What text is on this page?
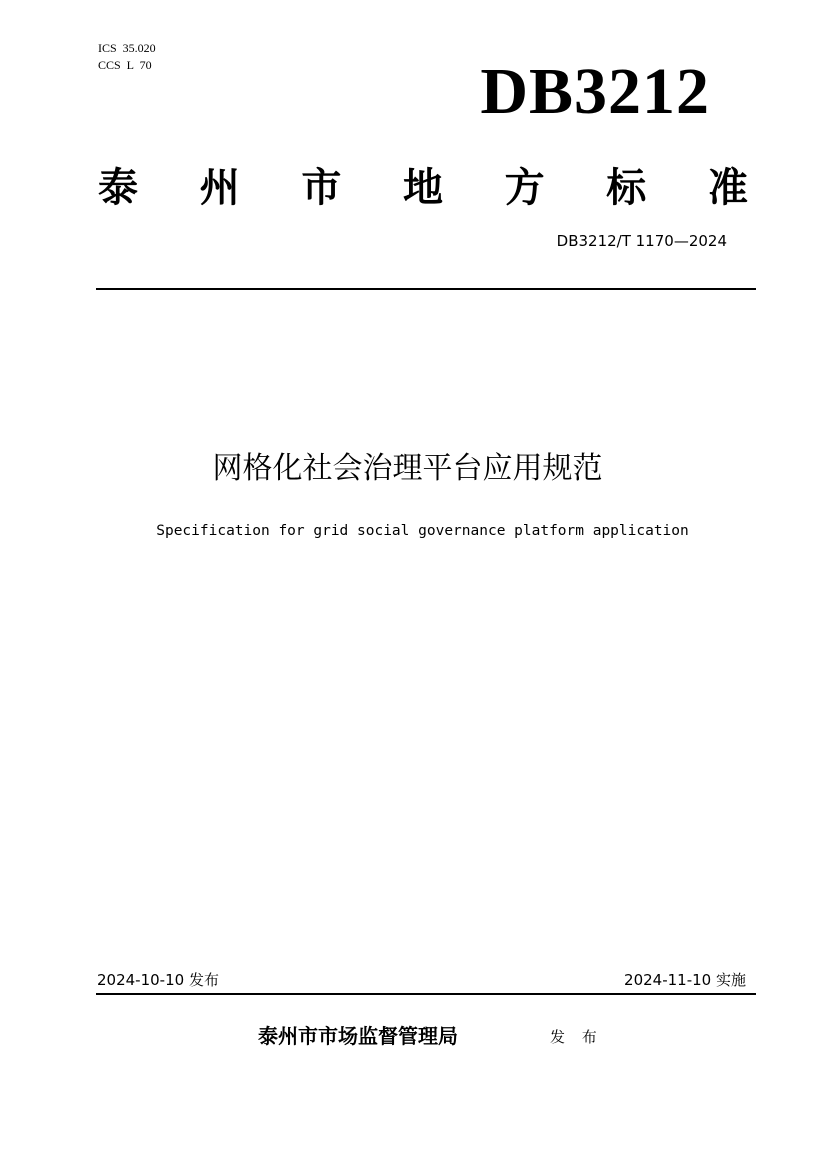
ICS  35.020
CCS  L  70	DB3212
泰 州 市 地 方 标 准
DB3212/T 1170—2024
网格化社会治理平台应用规范
Specification for grid social governance platform application
2024-10-10 发布	2024-11-10 实施
泰州市市场监督管理局	发 布
